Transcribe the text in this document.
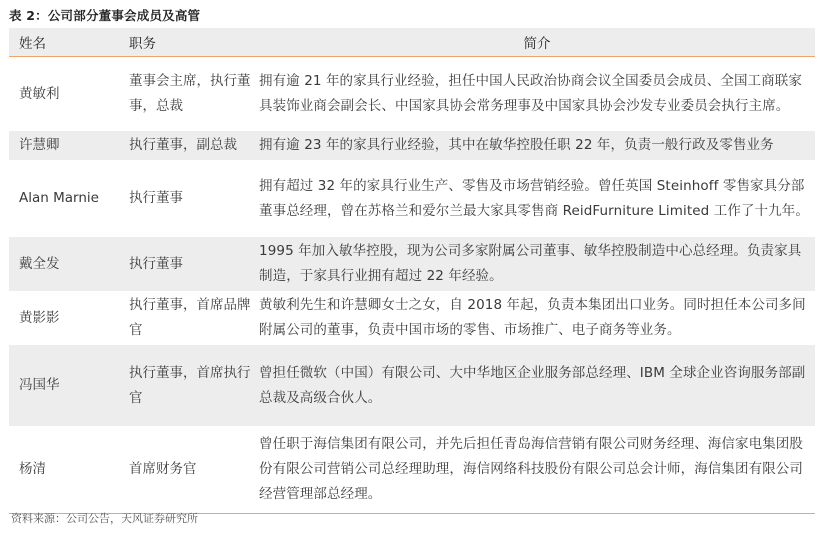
表 2：公司部分董事会成员及高管
姓名	职务	简介
黄敏利	董事会主席，执行董事，总裁	拥有逾 21 年的家具行业经验，担任中国人民政治协商会议全国委员会成员、全国工商联家具装饰业商会副会长、中国家具协会常务理事及中国家具协会沙发专业委员会执行主席。
许慧卿	执行董事，副总裁	拥有逾 23 年的家具行业经验，其中在敏华控股任职 22 年，负责一般行政及零售业务
Alan Marnie	执行董事	拥有超过 32 年的家具行业生产、零售及市场营销经验。曾任英国 Steinhoff 零售家具分部董事总经理，曾在苏格兰和爱尔兰最大家具零售商 ReidFurniture Limited 工作了十九年。
戴全发	执行董事	1995 年加入敏华控股，现为公司多家附属公司董事、敏华控股制造中心总经理。负责家具制造，于家具行业拥有超过 22 年经验。
黄影影	执行董事，首席品牌官	黄敏利先生和许慧卿女士之女，自 2018 年起，负责本集团出口业务。同时担任本公司多间附属公司的董事，负责中国市场的零售、市场推广、电子商务等业务。
冯国华	执行董事，首席执行官	曾担任微软（中国）有限公司、大中华地区企业服务部总经理、IBM 全球企业咨询服务部副总裁及高级合伙人。
杨清	首席财务官	曾任职于海信集团有限公司，并先后担任青岛海信营销有限公司财务经理、海信家电集团股份有限公司营销公司总经理助理，海信网络科技股份有限公司总会计师，海信集团有限公司经营管理部总经理。
资料来源：公司公告，天风证券研究所
